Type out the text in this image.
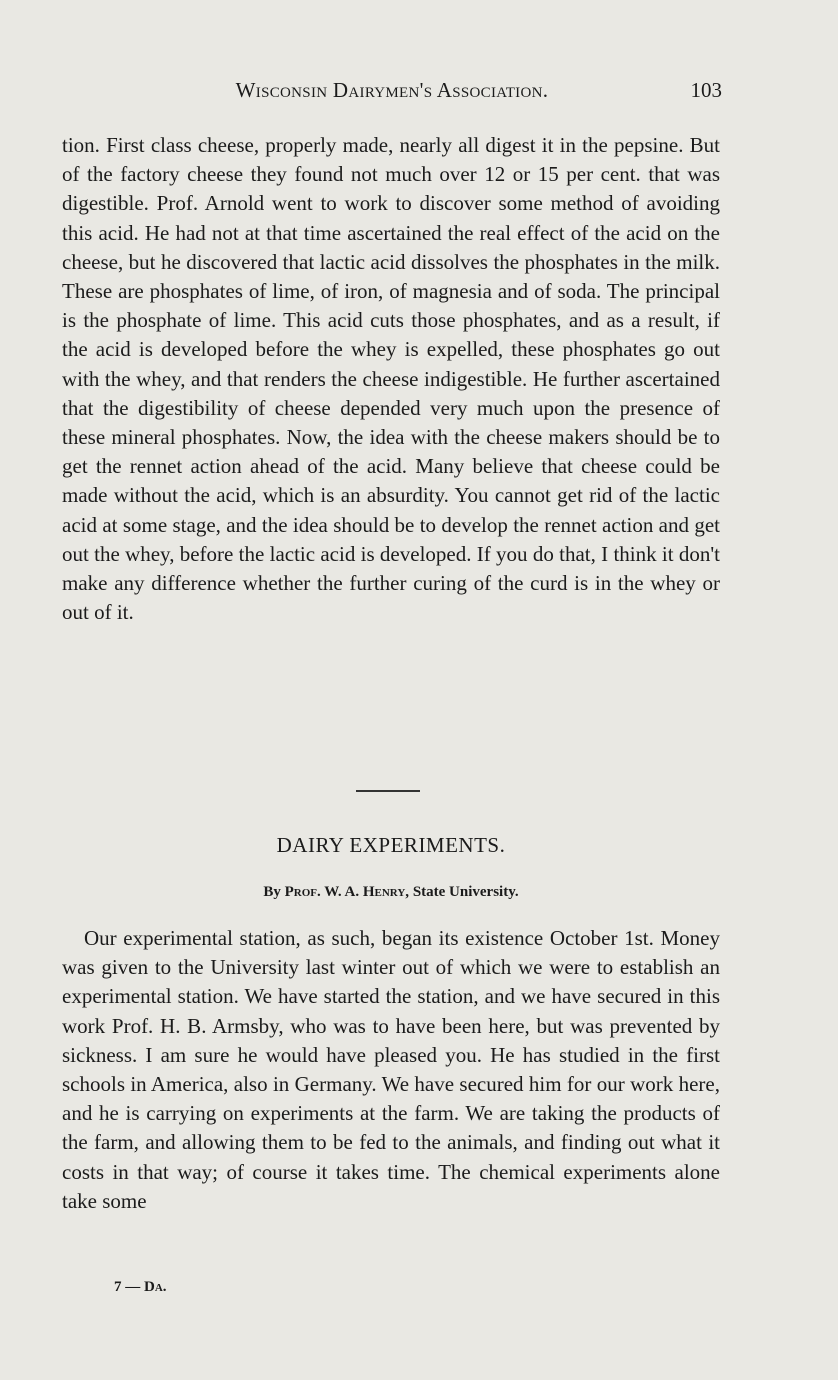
Wisconsin Dairymen's Association.	103

tion. First class cheese, properly made, nearly all digest it in the pepsine. But of the factory cheese they found not much over 12 or 15 per cent. that was digestible. Prof. Arnold went to work to discover some method of avoiding this acid. He had not at that time ascertained the real effect of the acid on the cheese, but he discovered that lactic acid dissolves the phosphates in the milk. These are phosphates of lime, of iron, of magnesia and of soda. The principal is the phosphate of lime. This acid cuts those phosphates, and as a result, if the acid is developed before the whey is expelled, these phosphates go out with the whey, and that renders the cheese indigestible. He further ascertained that the digestibility of cheese depended very much upon the presence of these mineral phosphates. Now, the idea with the cheese makers should be to get the rennet action ahead of the acid. Many believe that cheese could be made without the acid, which is an absurdity. You cannot get rid of the lactic acid at some stage, and the idea should be to develop the rennet action and get out the whey, before the lactic acid is developed. If you do that, I think it don't make any difference whether the further curing of the curd is in the whey or out of it.

DAIRY EXPERIMENTS.
By Prof. W. A. Henry, State University.

Our experimental station, as such, began its existence October 1st. Money was given to the University last winter out of which we were to establish an experimental station. We have started the station, and we have secured in this work Prof. H. B. Armsby, who was to have been here, but was prevented by sickness. I am sure he would have pleased you. He has studied in the first schools in America, also in Germany. We have secured him for our work here, and he is carrying on experiments at the farm. We are taking the products of the farm, and allowing them to be fed to the animals, and finding out what it costs in that way; of course it takes time. The chemical experiments alone take some

7 — Da.
